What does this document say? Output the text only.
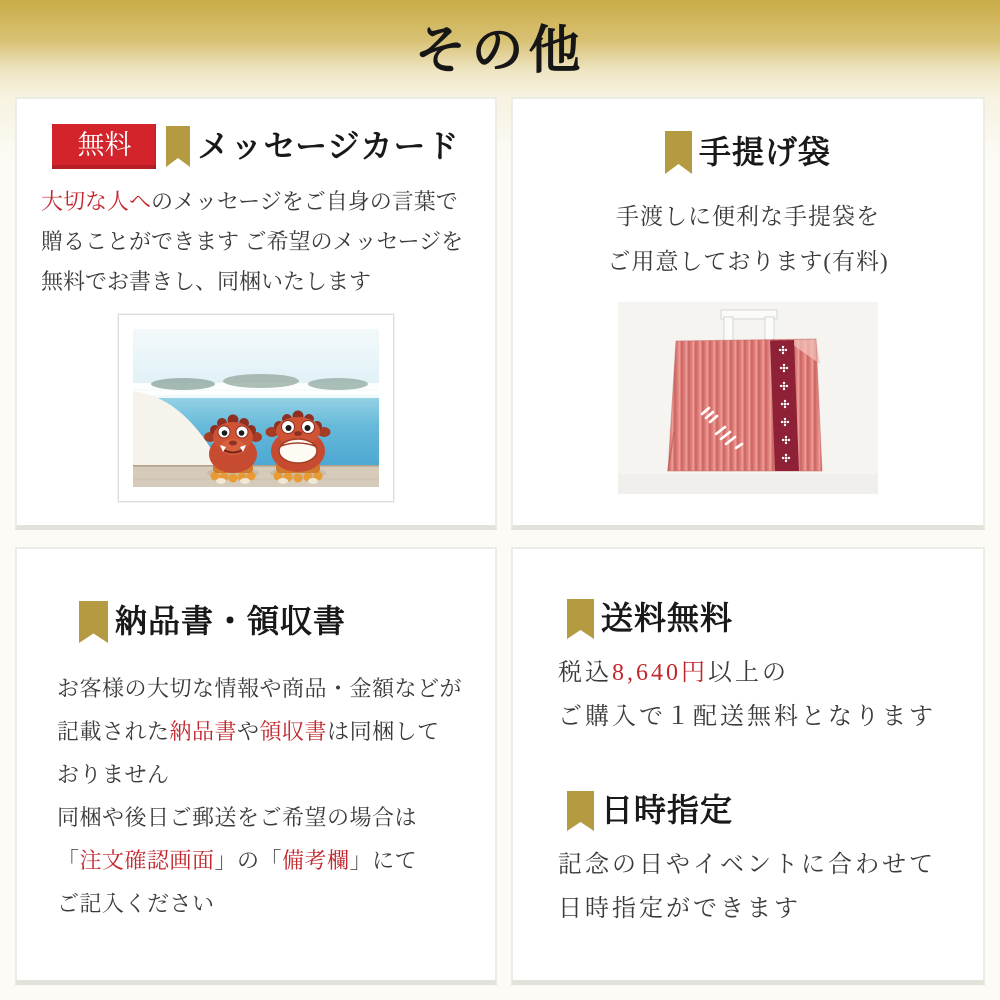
その他
無料	メッセージカード
大切な人へのメッセージをご自身の言葉で
贈ることができます ご希望のメッセージを
無料でお書きし、同梱いたします
手提げ袋
手渡しに便利な手提袋を
ご用意しております(有料)
納品書・領収書
お客様の大切な情報や商品・金額などが
記載された納品書や領収書は同梱して
おりません
同梱や後日ご郵送をご希望の場合は
「注文確認画面」の「備考欄」にて
ご記入ください
送料無料
税込8,640円以上の
ご購入で１配送無料となります
日時指定
記念の日やイベントに合わせて
日時指定ができます
